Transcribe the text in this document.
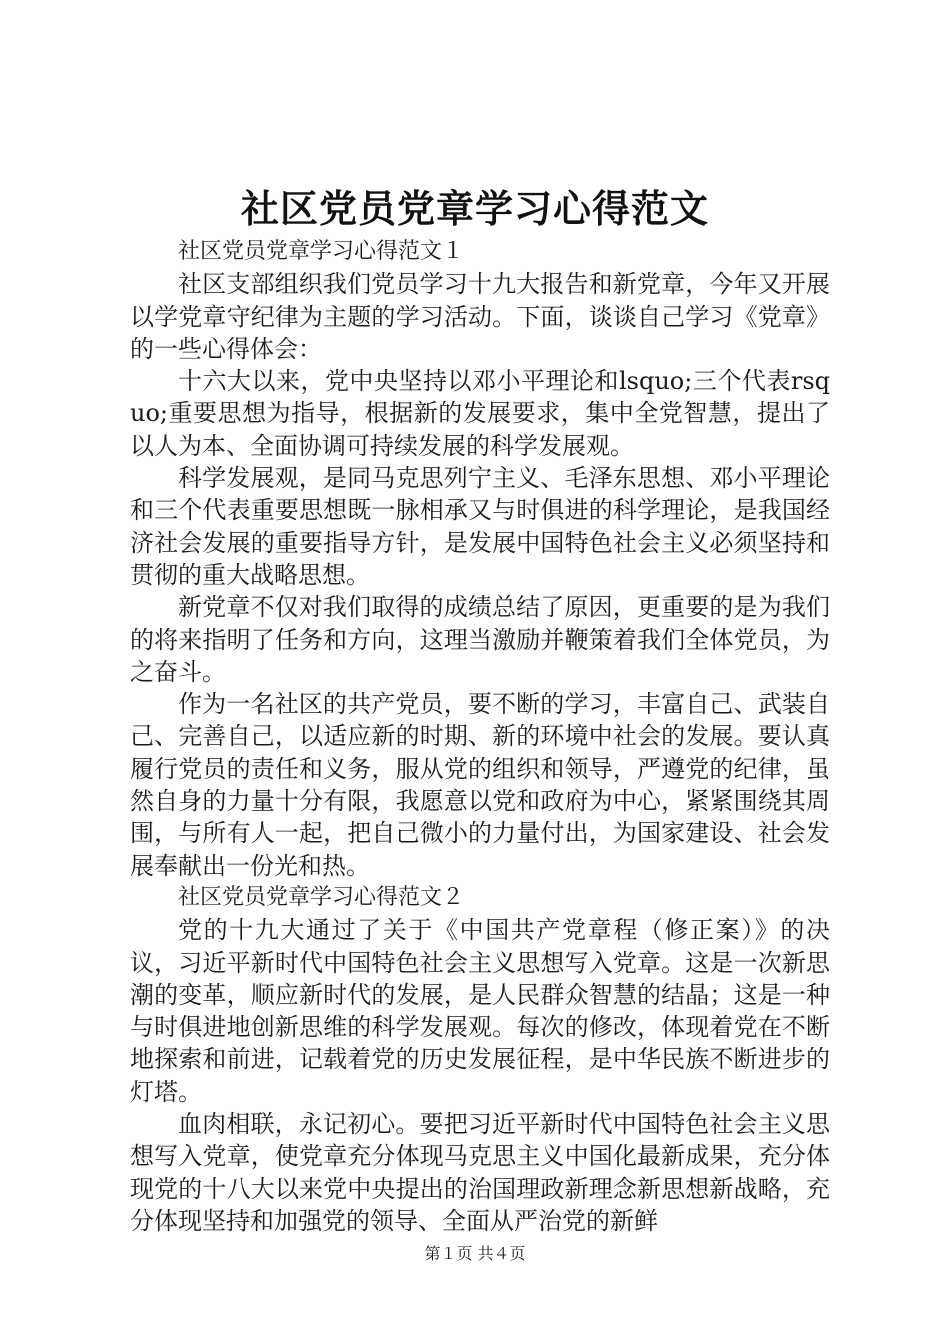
社区党员党章学习心得范文

社区党员党章学习心得范文１

社区支部组织我们党员学习十九大报告和新党章，今年又开展以学党章守纪律为主题的学习活动。下面，谈谈自己学习《党章》的一些心得体会：

十六大以来，党中央坚持以邓小平理论和lsquo;三个代表rsquo;重要思想为指导，根据新的发展要求，集中全党智慧，提出了以人为本、全面协调可持续发展的科学发展观。

科学发展观，是同马克思列宁主义、毛泽东思想、邓小平理论和三个代表重要思想既一脉相承又与时俱进的科学理论，是我国经济社会发展的重要指导方针，是发展中国特色社会主义必须坚持和贯彻的重大战略思想。

新党章不仅对我们取得的成绩总结了原因，更重要的是为我们的将来指明了任务和方向，这理当激励并鞭策着我们全体党员，为之奋斗。

作为一名社区的共产党员，要不断的学习，丰富自己、武装自己、完善自己，以适应新的时期、新的环境中社会的发展。要认真履行党员的责任和义务，服从党的组织和领导，严遵党的纪律，虽然自身的力量十分有限，我愿意以党和政府为中心，紧紧围绕其周围，与所有人一起，把自己微小的力量付出，为国家建设、社会发展奉献出一份光和热。

社区党员党章学习心得范文２

党的十九大通过了关于《中国共产党章程（修正案）》的决议，习近平新时代中国特色社会主义思想写入党章。这是一次新思潮的变革，顺应新时代的发展，是人民群众智慧的结晶；这是一种与时俱进地创新思维的科学发展观。每次的修改，体现着党在不断地探索和前进，记载着党的历史发展征程，是中华民族不断进步的灯塔。

血肉相联，永记初心。要把习近平新时代中国特色社会主义思想写入党章，使党章充分体现马克思主义中国化最新成果，充分体现党的十八大以来党中央提出的治国理政新理念新思想新战略，充分体现坚持和加强党的领导、全面从严治党的新鲜

第１页 共４页
